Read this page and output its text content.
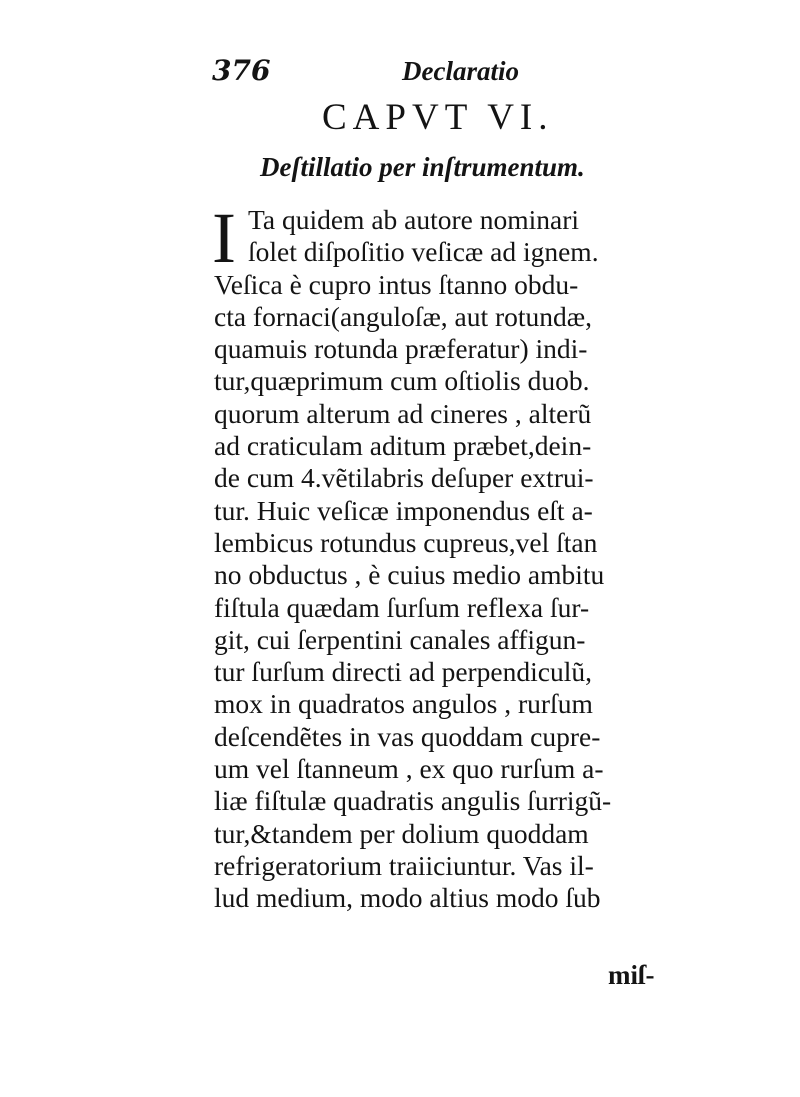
376	Declaratio
CAPVT VI.
Deſtillatio per inſtrumentum.
I Ta quidem ab autore nominari
ſolet diſpoſitio veſicæ ad ignem.
Veſica è cupro intus ſtanno obdu-
cta fornaci(anguloſæ, aut rotundæ,
quamuis rotunda præferatur) indi-
tur,quæprimum cum oſtiolis duob.
quorum alterum ad cineres , alterũ
ad craticulam aditum præbet,dein-
de cum 4.vẽtilabris deſuper extrui-
tur. Huic veſicæ imponendus eſt a-
lembicus rotundus cupreus,vel ſtan
no obductus , è cuius medio ambitu
fiſtula quædam ſurſum reflexa ſur-
git, cui ſerpentini canales affigun-
tur ſurſum directi ad perpendiculũ,
mox in quadratos angulos , rurſum
deſcendẽtes in vas quoddam cupre-
um vel ſtanneum , ex quo rurſum a-
liæ fiſtulæ quadratis angulis ſurrigũ-
tur,&tandem per dolium quoddam
refrigeratorium traiiciuntur. Vas il-
lud medium, modo altius modo ſub
miſ-
